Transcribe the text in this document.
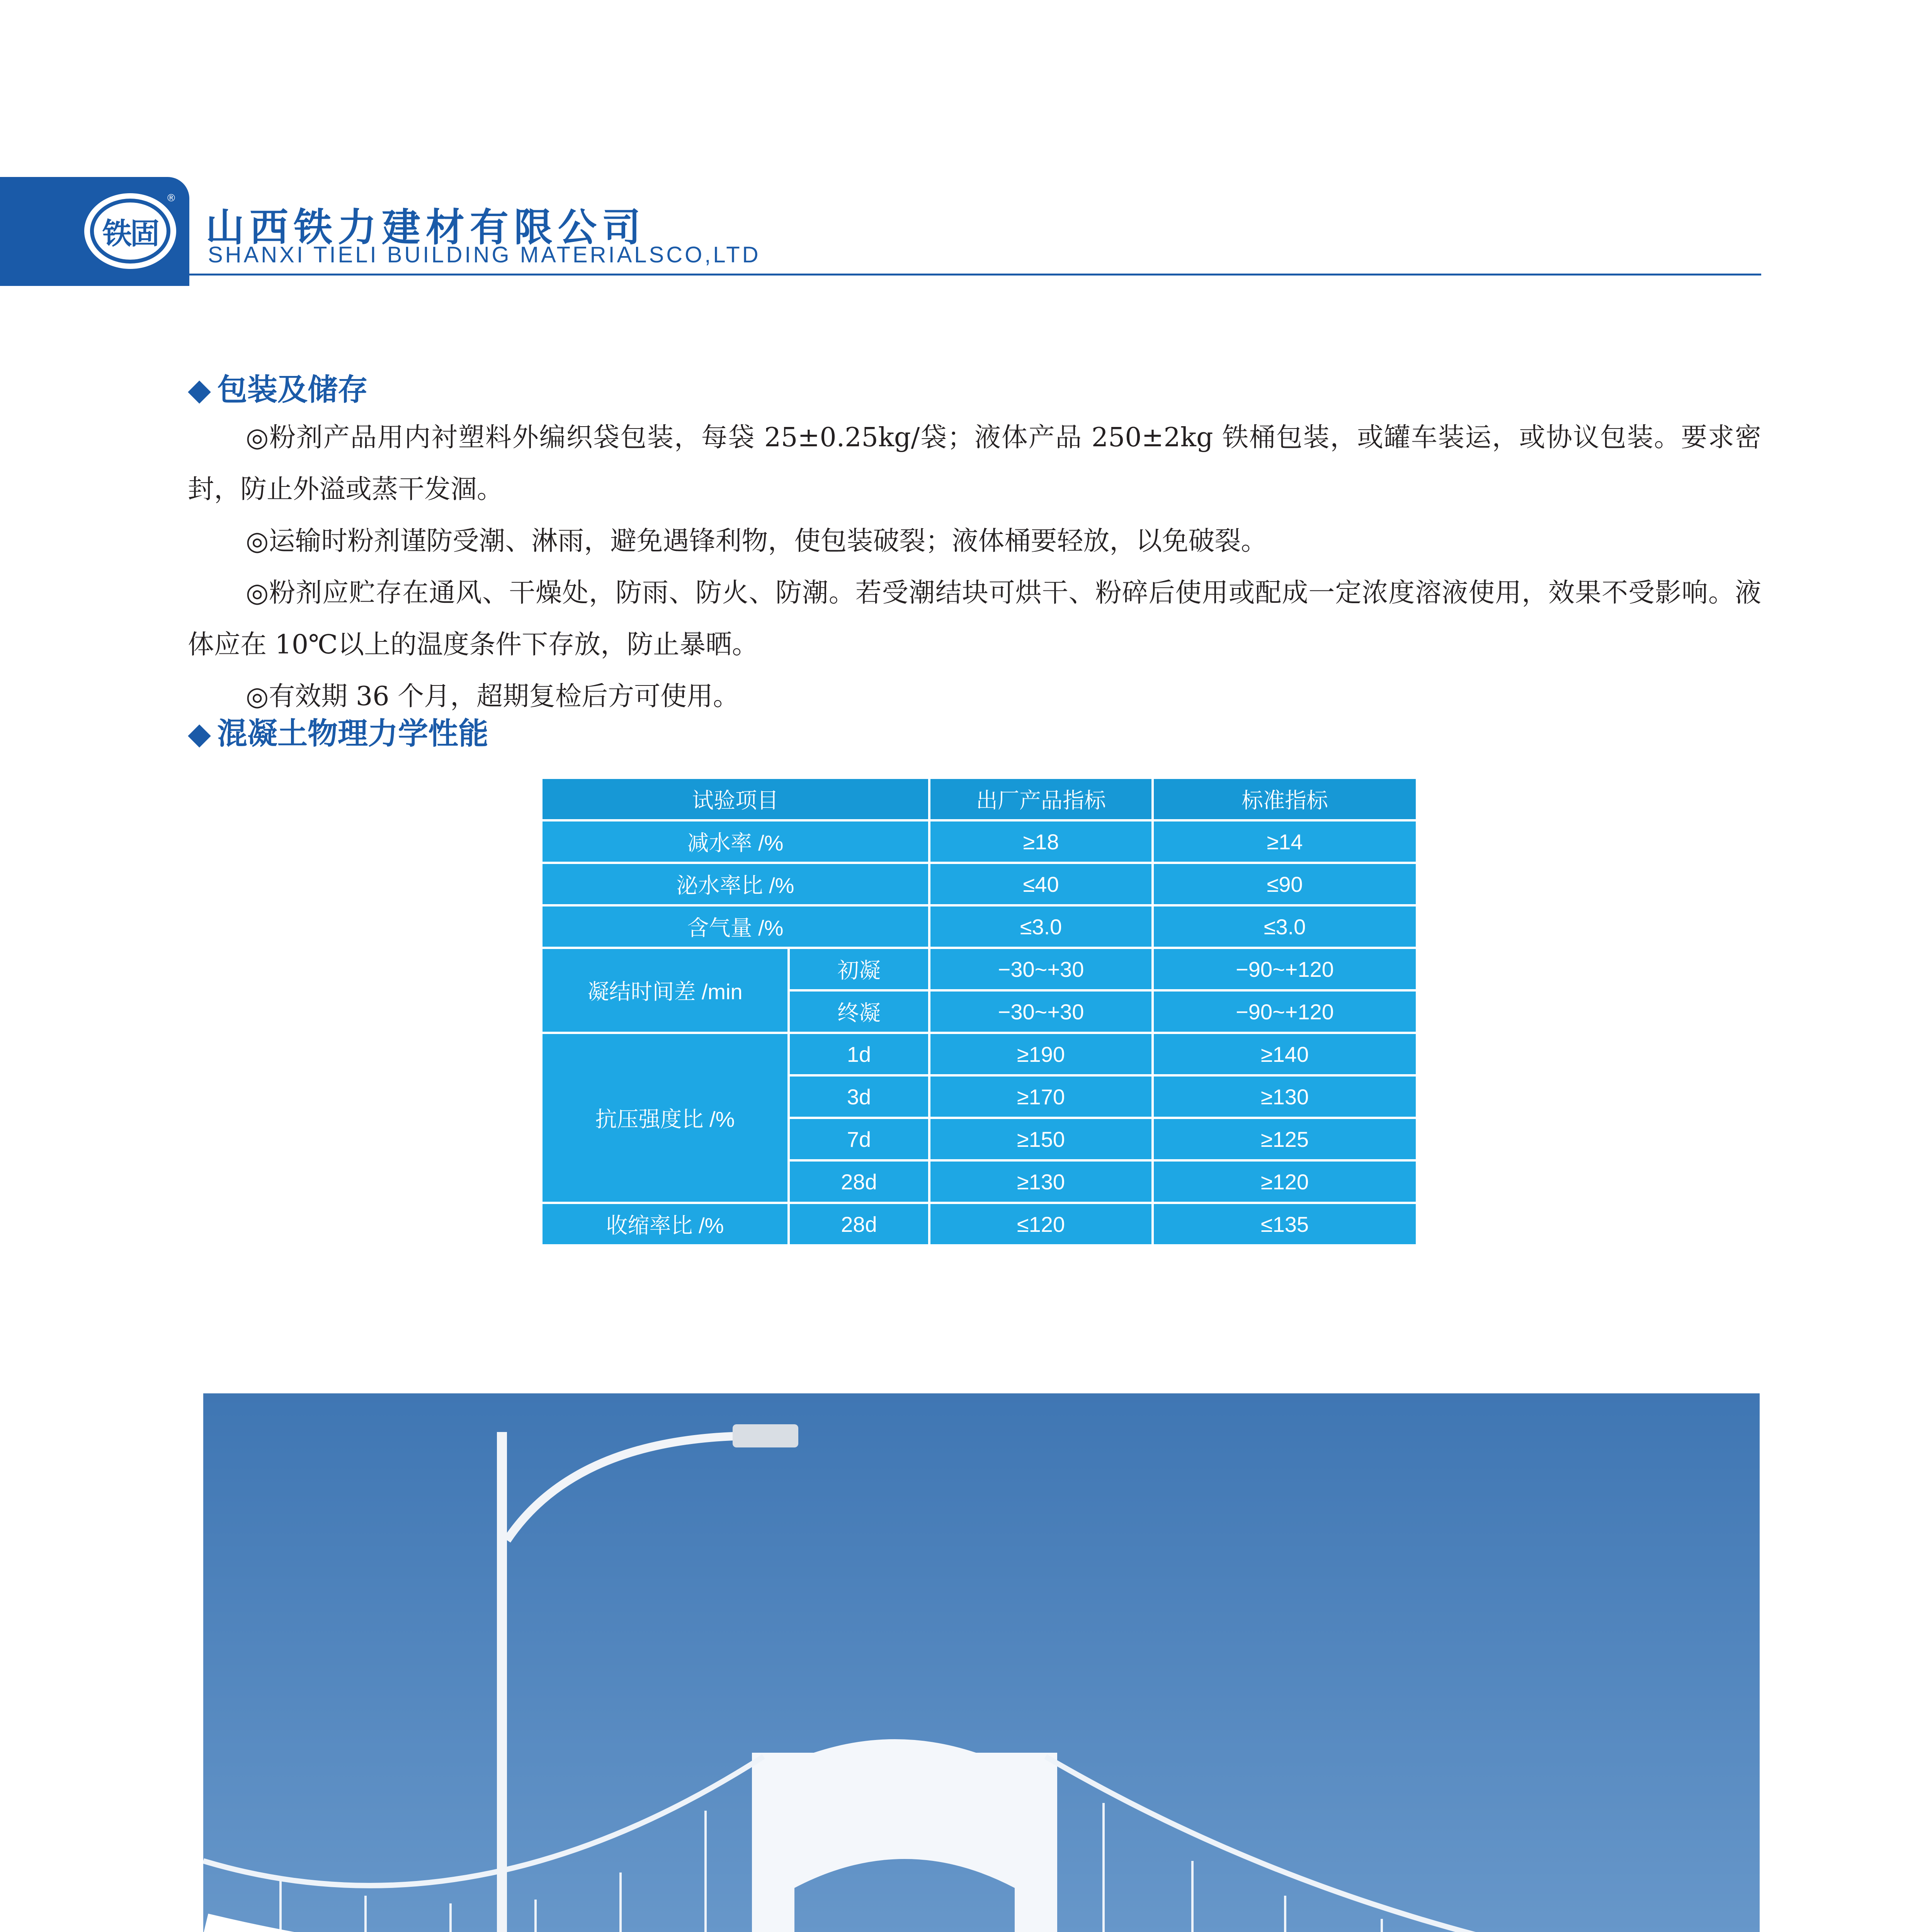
铁固
®
山西铁力建材有限公司
SHANXI TIELI BUILDING MATERIALSCO,LTD
◆ 包装及储存

◎粉剂产品用内衬塑料外编织袋包装，每袋 25±0.25kg/袋；液体产品 250±2kg 铁桶包装，或罐车装运，或协议包装。要求密封，防止外溢或蒸干发涸。

◎运输时粉剂谨防受潮、淋雨，避免遇锋利物，使包装破裂；液体桶要轻放，以免破裂。

◎粉剂应贮存在通风、干燥处，防雨、防火、防潮。若受潮结块可烘干、粉碎后使用或配成一定浓度溶液使用，效果不受影响。液体应在 10℃以上的温度条件下存放，防止暴晒。

◎有效期 36 个月，超期复检后方可使用。

◆ 混凝土物理力学性能
试验项目		出厂产品指标	标准指标
减水率 /%		≥18	≥14
泌水率比 /%		≤40	≤90
含气量 /%		≤3.0	≤3.0
凝结时间差 /min	初凝	−30~+30	−90~+120
	终凝	−30~+30	−90~+120
抗压强度比 /%	1d	≥190	≥140
	3d	≥170	≥130
	7d	≥150	≥125
	28d	≥130	≥120
收缩率比 /%	28d	≤120	≤135
